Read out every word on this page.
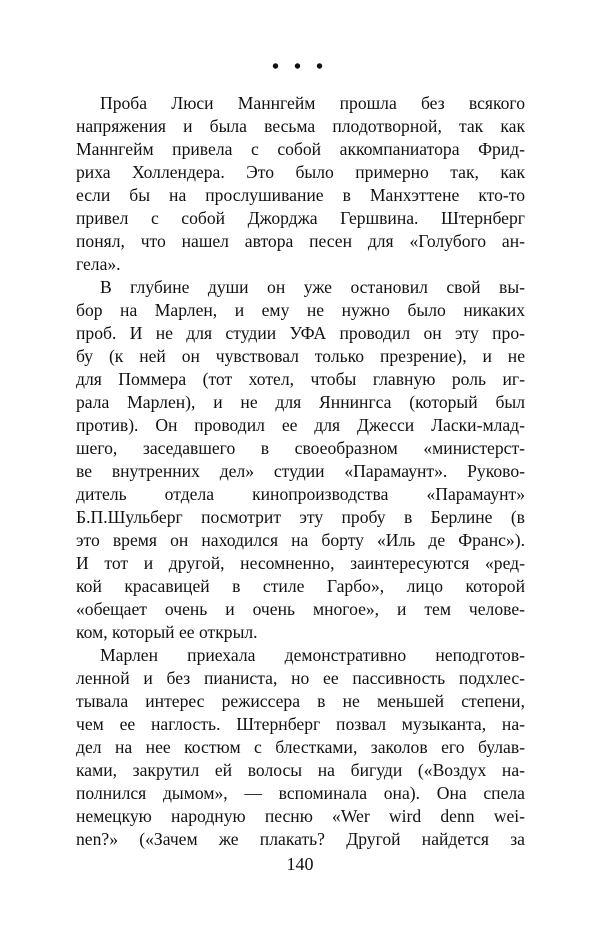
• • •
Проба Люси Маннгейм прошла без всякого
напряжения и была весьма плодотворной, так как
Маннгейм привела с собой аккомпаниатора Фрид-
риха Холлендера. Это было примерно так, как
если бы на прослушивание в Манхэттене кто-то
привел с собой Джорджа Гершвина. Штернберг
понял, что нашел автора песен для «Голубого ан-
гела».
В глубине души он уже остановил свой вы-
бор на Марлен, и ему не нужно было никаких
проб. И не для студии УФА проводил он эту про-
бу (к ней он чувствовал только презрение), и не
для Поммера (тот хотел, чтобы главную роль иг-
рала Марлен), и не для Яннингса (который был
против). Он проводил ее для Джесси Ласки-млад-
шего, заседавшего в своеобразном «министерст-
ве внутренних дел» студии «Парамаунт». Руково-
дитель отдела кинопроизводства «Парамаунт»
Б.П.Шульберг посмотрит эту пробу в Берлине (в
это время он находился на борту «Иль де Франс»).
И тот и другой, несомненно, заинтересуются «ред-
кой красавицей в стиле Гарбо», лицо которой
«обещает очень и очень многое», и тем челове-
ком, который ее открыл.
Марлен приехала демонстративно неподготов-
ленной и без пианиста, но ее пассивность подхлес-
тывала интерес режиссера в не меньшей степени,
чем ее наглость. Штернберг позвал музыканта, на-
дел на нее костюм с блестками, заколов его булав-
ками, закрутил ей волосы на бигуди («Воздух на-
полнился дымом», — вспоминала она). Она спела
немецкую народную песню «Wer wird denn wei-
nen?» («Зачем же плакать? Другой найдется за
140
